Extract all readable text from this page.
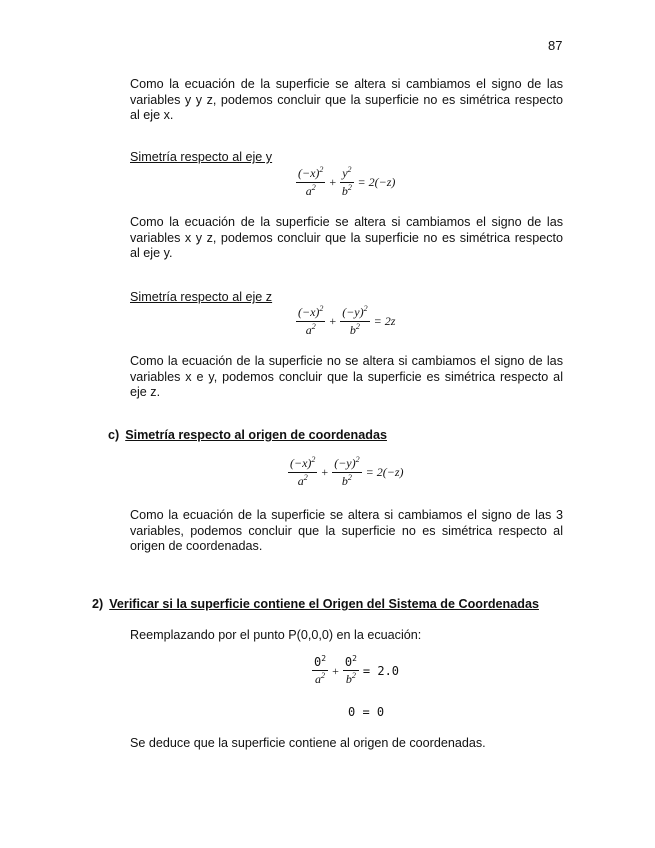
87
Como la ecuación de la superficie se altera si cambiamos el signo de las variables y y z, podemos concluir que la superficie no es simétrica respecto al eje x.
Simetría respecto al eje y
$\frac{(-x)^2}{a^2} + \frac{y^2}{b^2} = 2(-z)$
Como la ecuación de la superficie se altera si cambiamos el signo de las variables x y z, podemos concluir que la superficie no es simétrica respecto al eje y.
Simetría respecto al eje z
$\frac{(-x)^2}{a^2} + \frac{(-y)^2}{b^2} = 2z$
Como la ecuación de la superficie no se altera si cambiamos el signo de las variables x e y, podemos concluir que la superficie es simétrica respecto al eje z.
c) Simetría respecto al origen de coordenadas
$\frac{(-x)^2}{a^2} + \frac{(-y)^2}{b^2} = 2(-z)$
Como la ecuación de la superficie se altera si cambiamos el signo de las 3 variables, podemos concluir que la superficie no es simétrica respecto al origen de coordenadas.
2) Verificar si la superficie contiene el Origen del Sistema de Coordenadas
Reemplazando por el punto P(0,0,0) en la ecuación:
$\frac{0^2}{a^2} + \frac{0^2}{b^2} = 2.0$
0 = 0
Se deduce que la superficie contiene al origen de coordenadas.
